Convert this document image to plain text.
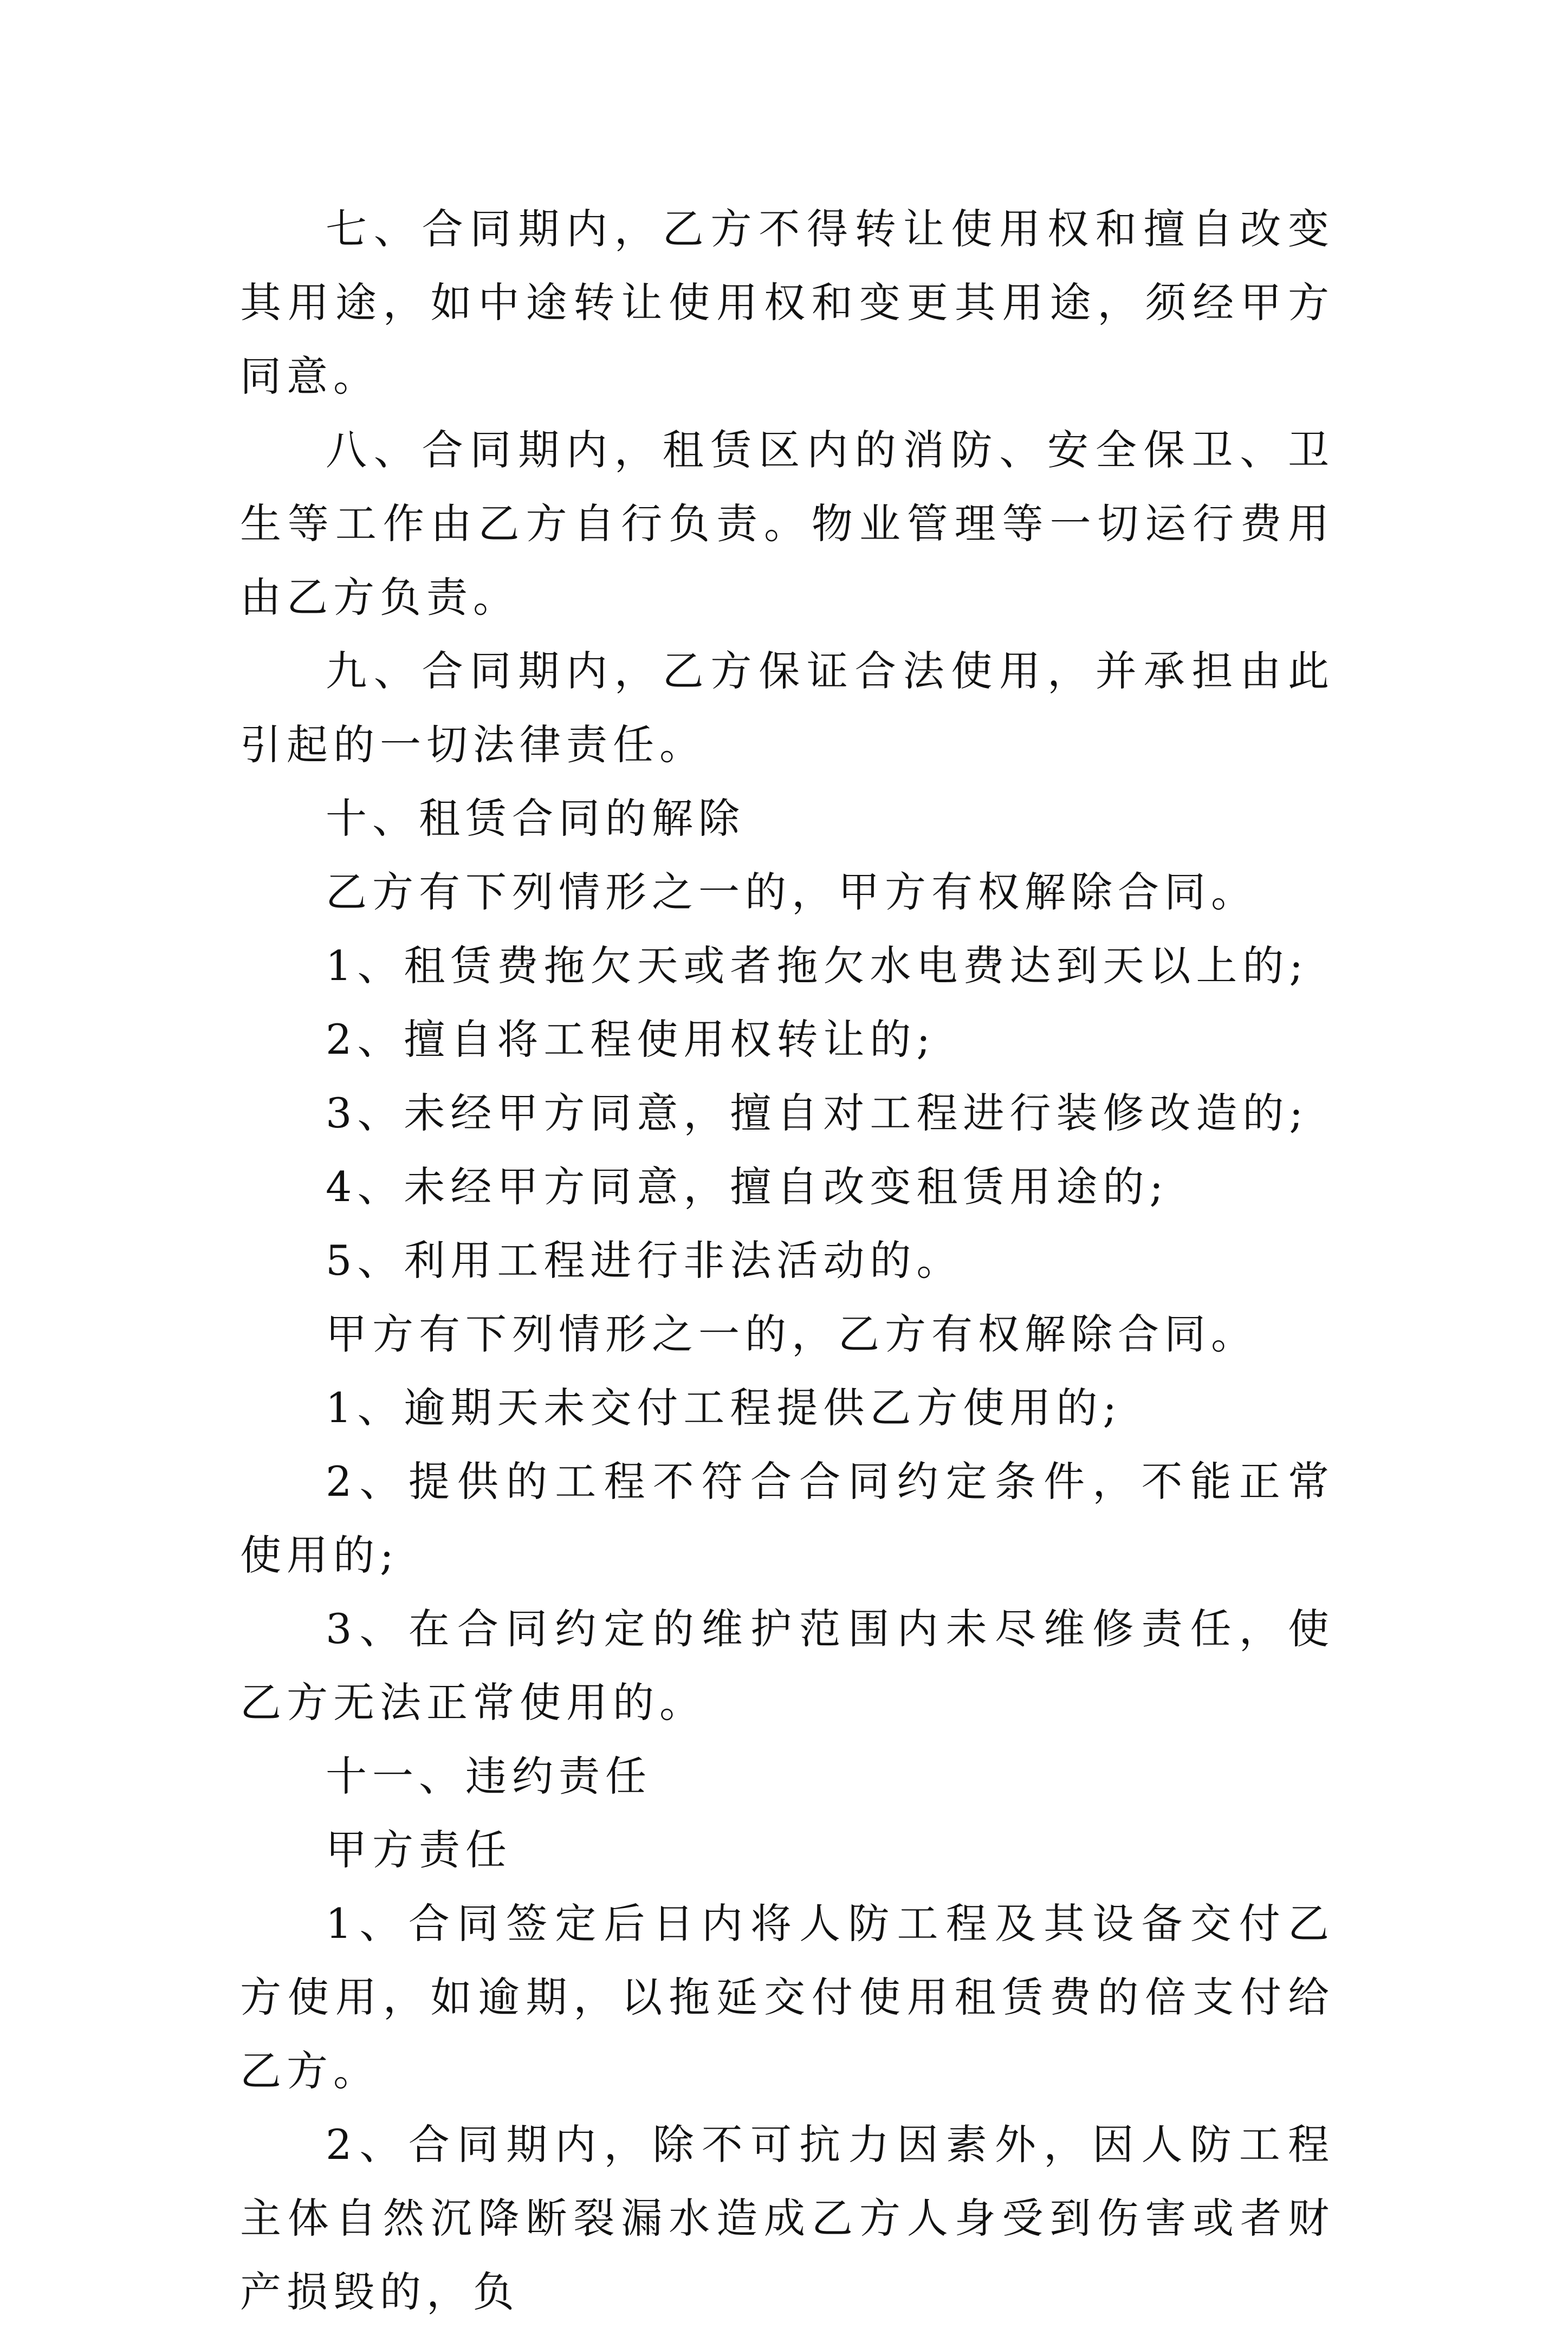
七、合同期内，乙方不得转让使用权和擅自改变其用途，如中途转让使用权和变更其用途，须经甲方同意。

八、合同期内，租赁区内的消防、安全保卫、卫生等工作由乙方自行负责。物业管理等一切运行费用由乙方负责。

九、合同期内，乙方保证合法使用，并承担由此引起的一切法律责任。

十、租赁合同的解除

乙方有下列情形之一的，甲方有权解除合同。

1、租赁费拖欠天或者拖欠水电费达到天以上的;

2、擅自将工程使用权转让的;

3、未经甲方同意，擅自对工程进行装修改造的;

4、未经甲方同意，擅自改变租赁用途的;

5、利用工程进行非法活动的。

甲方有下列情形之一的，乙方有权解除合同。

1、逾期天未交付工程提供乙方使用的;

2、提供的工程不符合合同约定条件，不能正常使用的;

3、在合同约定的维护范围内未尽维修责任，使乙方无法正常使用的。

十一、违约责任

甲方责任

1、合同签定后日内将人防工程及其设备交付乙方使用，如逾期，以拖延交付使用租赁费的倍支付给乙方。

2、合同期内，除不可抗力因素外，因人防工程主体自然沉降断裂漏水造成乙方人身受到伤害或者财产损毁的，负
